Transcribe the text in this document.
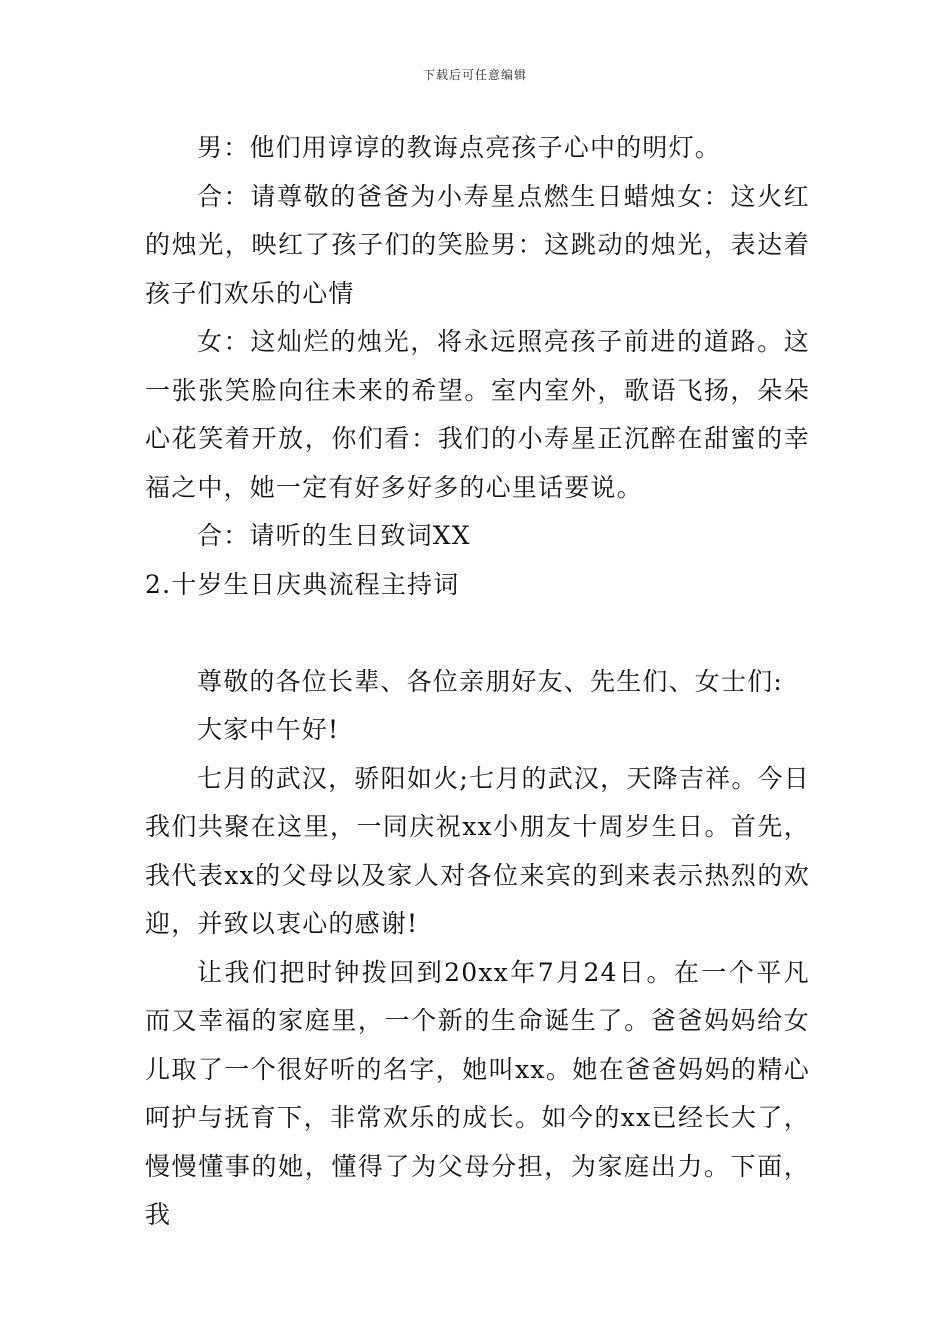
下载后可任意编辑

男：他们用谆谆的教诲点亮孩子心中的明灯。

合：请尊敬的爸爸为小寿星点燃生日蜡烛女：这火红的烛光，映红了孩子们的笑脸男：这跳动的烛光，表达着孩子们欢乐的心情

女：这灿烂的烛光，将永远照亮孩子前进的道路。这一张张笑脸向往未来的希望。室内室外，歌语飞扬，朵朵心花笑着开放，你们看：我们的小寿星正沉醉在甜蜜的幸福之中，她一定有好多好多的心里话要说。

合：请听的生日致词XX

2.十岁生日庆典流程主持词

尊敬的各位长辈、各位亲朋好友、先生们、女士们:

大家中午好!

七月的武汉，骄阳如火;七月的武汉，天降吉祥。今日我们共聚在这里，一同庆祝xx小朋友十周岁生日。首先，我代表xx的父母以及家人对各位来宾的到来表示热烈的欢迎，并致以衷心的感谢!

让我们把时钟拨回到20xx年7月24日。在一个平凡而又幸福的家庭里，一个新的生命诞生了。爸爸妈妈给女儿取了一个很好听的名字，她叫xx。她在爸爸妈妈的精心呵护与抚育下，非常欢乐的成长。如今的xx已经长大了，慢慢懂事的她，懂得了为父母分担，为家庭出力。下面，我
